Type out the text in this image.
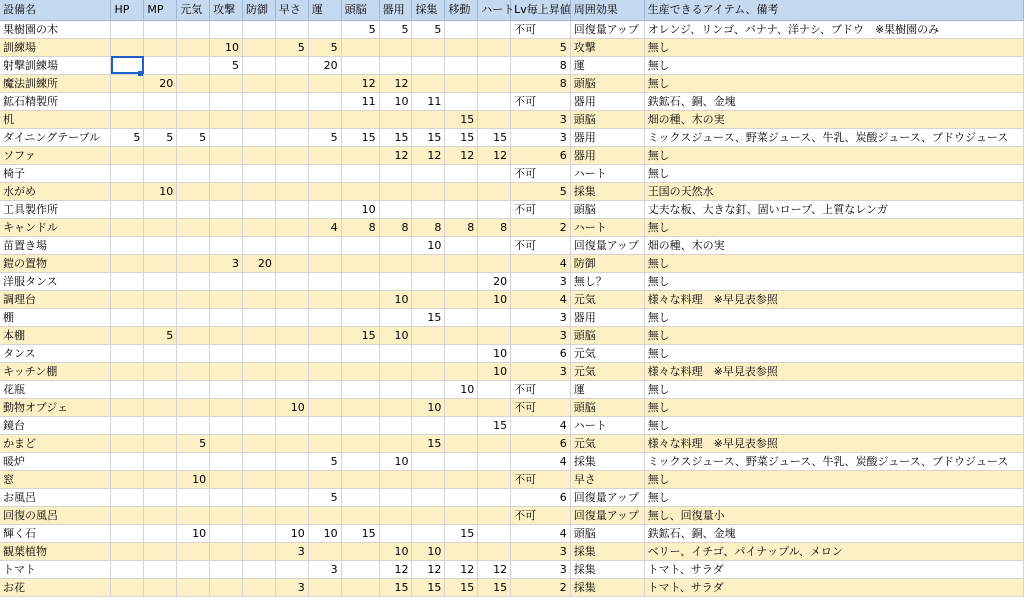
設備名	HP	MP	元気	攻撃	防御	早さ	運	頭脳	器用	採集	移動	ハート	Lv毎上昇値	周囲効果	生産できるアイテム、備考
果樹園の木								5	5	5			不可	回復量アップ	オレンジ、リンゴ、バナナ、洋ナシ、ブドウ　※果樹園のみ
訓練場				10		5	5						5	攻撃	無し
射撃訓練場				5			20						8	運	無し
魔法訓練所		20						12	12				8	頭脳	無し
鉱石精製所								11	10	11			不可	器用	鉄鉱石、銅、金塊
机											15		3	頭脳	畑の種、木の実
ダイニングテーブル	5	5	5				5	15	15	15	15	15	3	器用	ミックスジュース、野菜ジュース、牛乳、炭酸ジュース、ブドウジュース
ソファ									12	12	12	12	6	器用	無し
椅子													不可	ハート	無し
水がめ		10											5	採集	王国の天然水
工具製作所								10					不可	頭脳	丈夫な板、大きな釘、固いロープ、上質なレンガ
キャンドル							4	8	8	8	8	8	2	ハート	無し
苗置き場										10			不可	回復量アップ	畑の種、木の実
鎧の置物				3	20								4	防御	無し
洋服タンス												20	3	無し？	無し
調理台									10			10	4	元気	様々な料理　※早見表参照
棚										15			3	器用	無し
本棚		5						15	10				3	頭脳	無し
タンス												10	6	元気	無し
キッチン棚												10	3	元気	様々な料理　※早見表参照
花瓶											10		不可	運	無し
動物オブジェ						10				10			不可	頭脳	無し
鏡台												15	4	ハート	無し
かまど			5							15			6	元気	様々な料理　※早見表参照
暖炉							5		10				4	採集	ミックスジュース、野菜ジュース、牛乳、炭酸ジュース、ブドウジュース
窓			10										不可	早さ	無し
お風呂							5						6	回復量アップ	無し
回復の風呂													不可	回復量アップ	無し、回復量小
輝く石			10			10	10	15			15		4	頭脳	鉄鉱石、銅、金塊
観葉植物						3			10	10			3	採集	ベリー、イチゴ、パイナップル、メロン
トマト							3		12	12	12	12	3	採集	トマト、サラダ
お花						3			15	15	15	15	2	採集	トマト、サラダ
